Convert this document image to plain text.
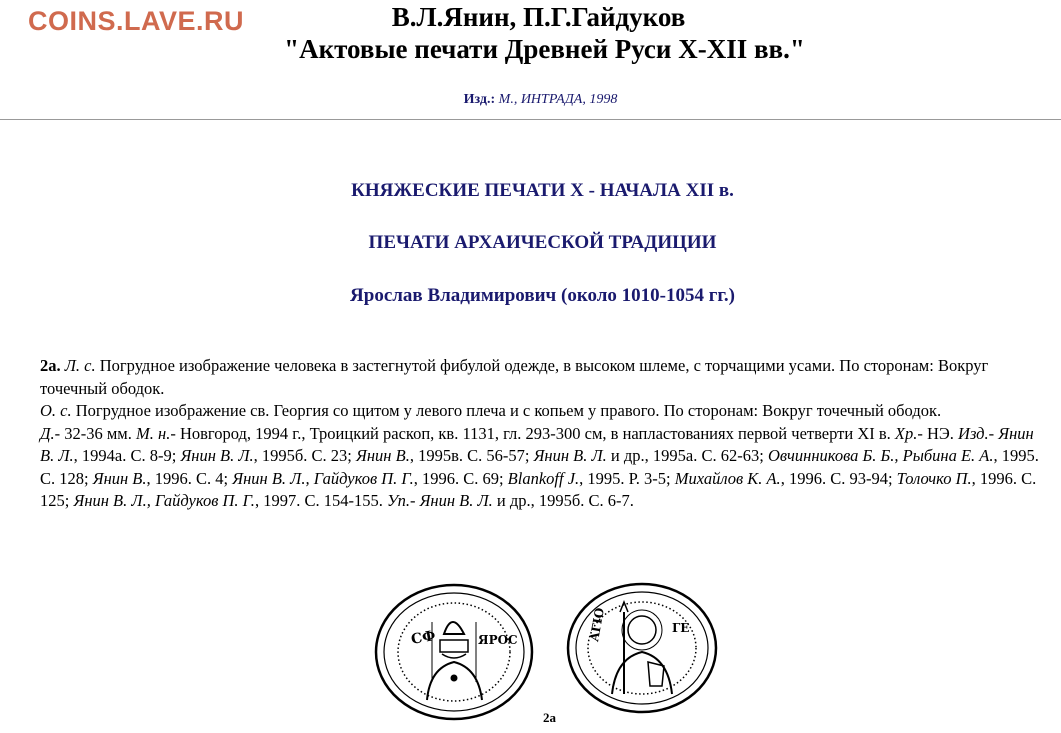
COINS.LAVE.RU	В.Л.Янин, П.Г.Гайдуков
"Актовые печати Древней Руси X-XII вв."
Изд.: М., ИНТРАДА, 1998
КНЯЖЕСКИЕ ПЕЧАТИ X - НАЧАЛА XII в.
ПЕЧАТИ АРХАИЧЕСКОЙ ТРАДИЦИИ
Ярослав Владимирович (около 1010-1054 гг.)

2а. Л. с. Погрудное изображение человека в застегнутой фибулой одежде, в высоком шлеме, с торчащими усами. По сторонам: Вокруг точечный ободок.

О. с. Погрудное изображение св. Георгия со щитом у левого плеча и с копьем у правого. По сторонам: Вокруг точечный ободок.

Д.- 32-36 мм. М. н.- Новгород, 1994 г., Троицкий раскоп, кв. 1131, гл. 293-300 см, в напластованиях первой четверти XI в. Хр.- НЭ. Изд.- Янин В. Л., 1994а. С. 8-9; Янин В. Л., 1995б. С. 23; Янин В., 1995в. С. 56-57; Янин В. Л. и др., 1995а. С. 62-63; Овчинникова Б. Б., Рыбина Е. А., 1995. С. 128; Янин В., 1996. С. 4; Янин В. Л., Гайдуков П. Г., 1996. С. 69; Blankoff J., 1995. Р. 3-5; Михайлов К. А., 1996. С. 93-94; Толочко П., 1996. С. 125; Янин В. Л., Гайдуков П. Г., 1997. С. 154-155. Уп.- Янин В. Л. и др., 1995б. С. 6-7.

СФ	ЯРОС	ΑΓΙΟ	ГЕ
2а
